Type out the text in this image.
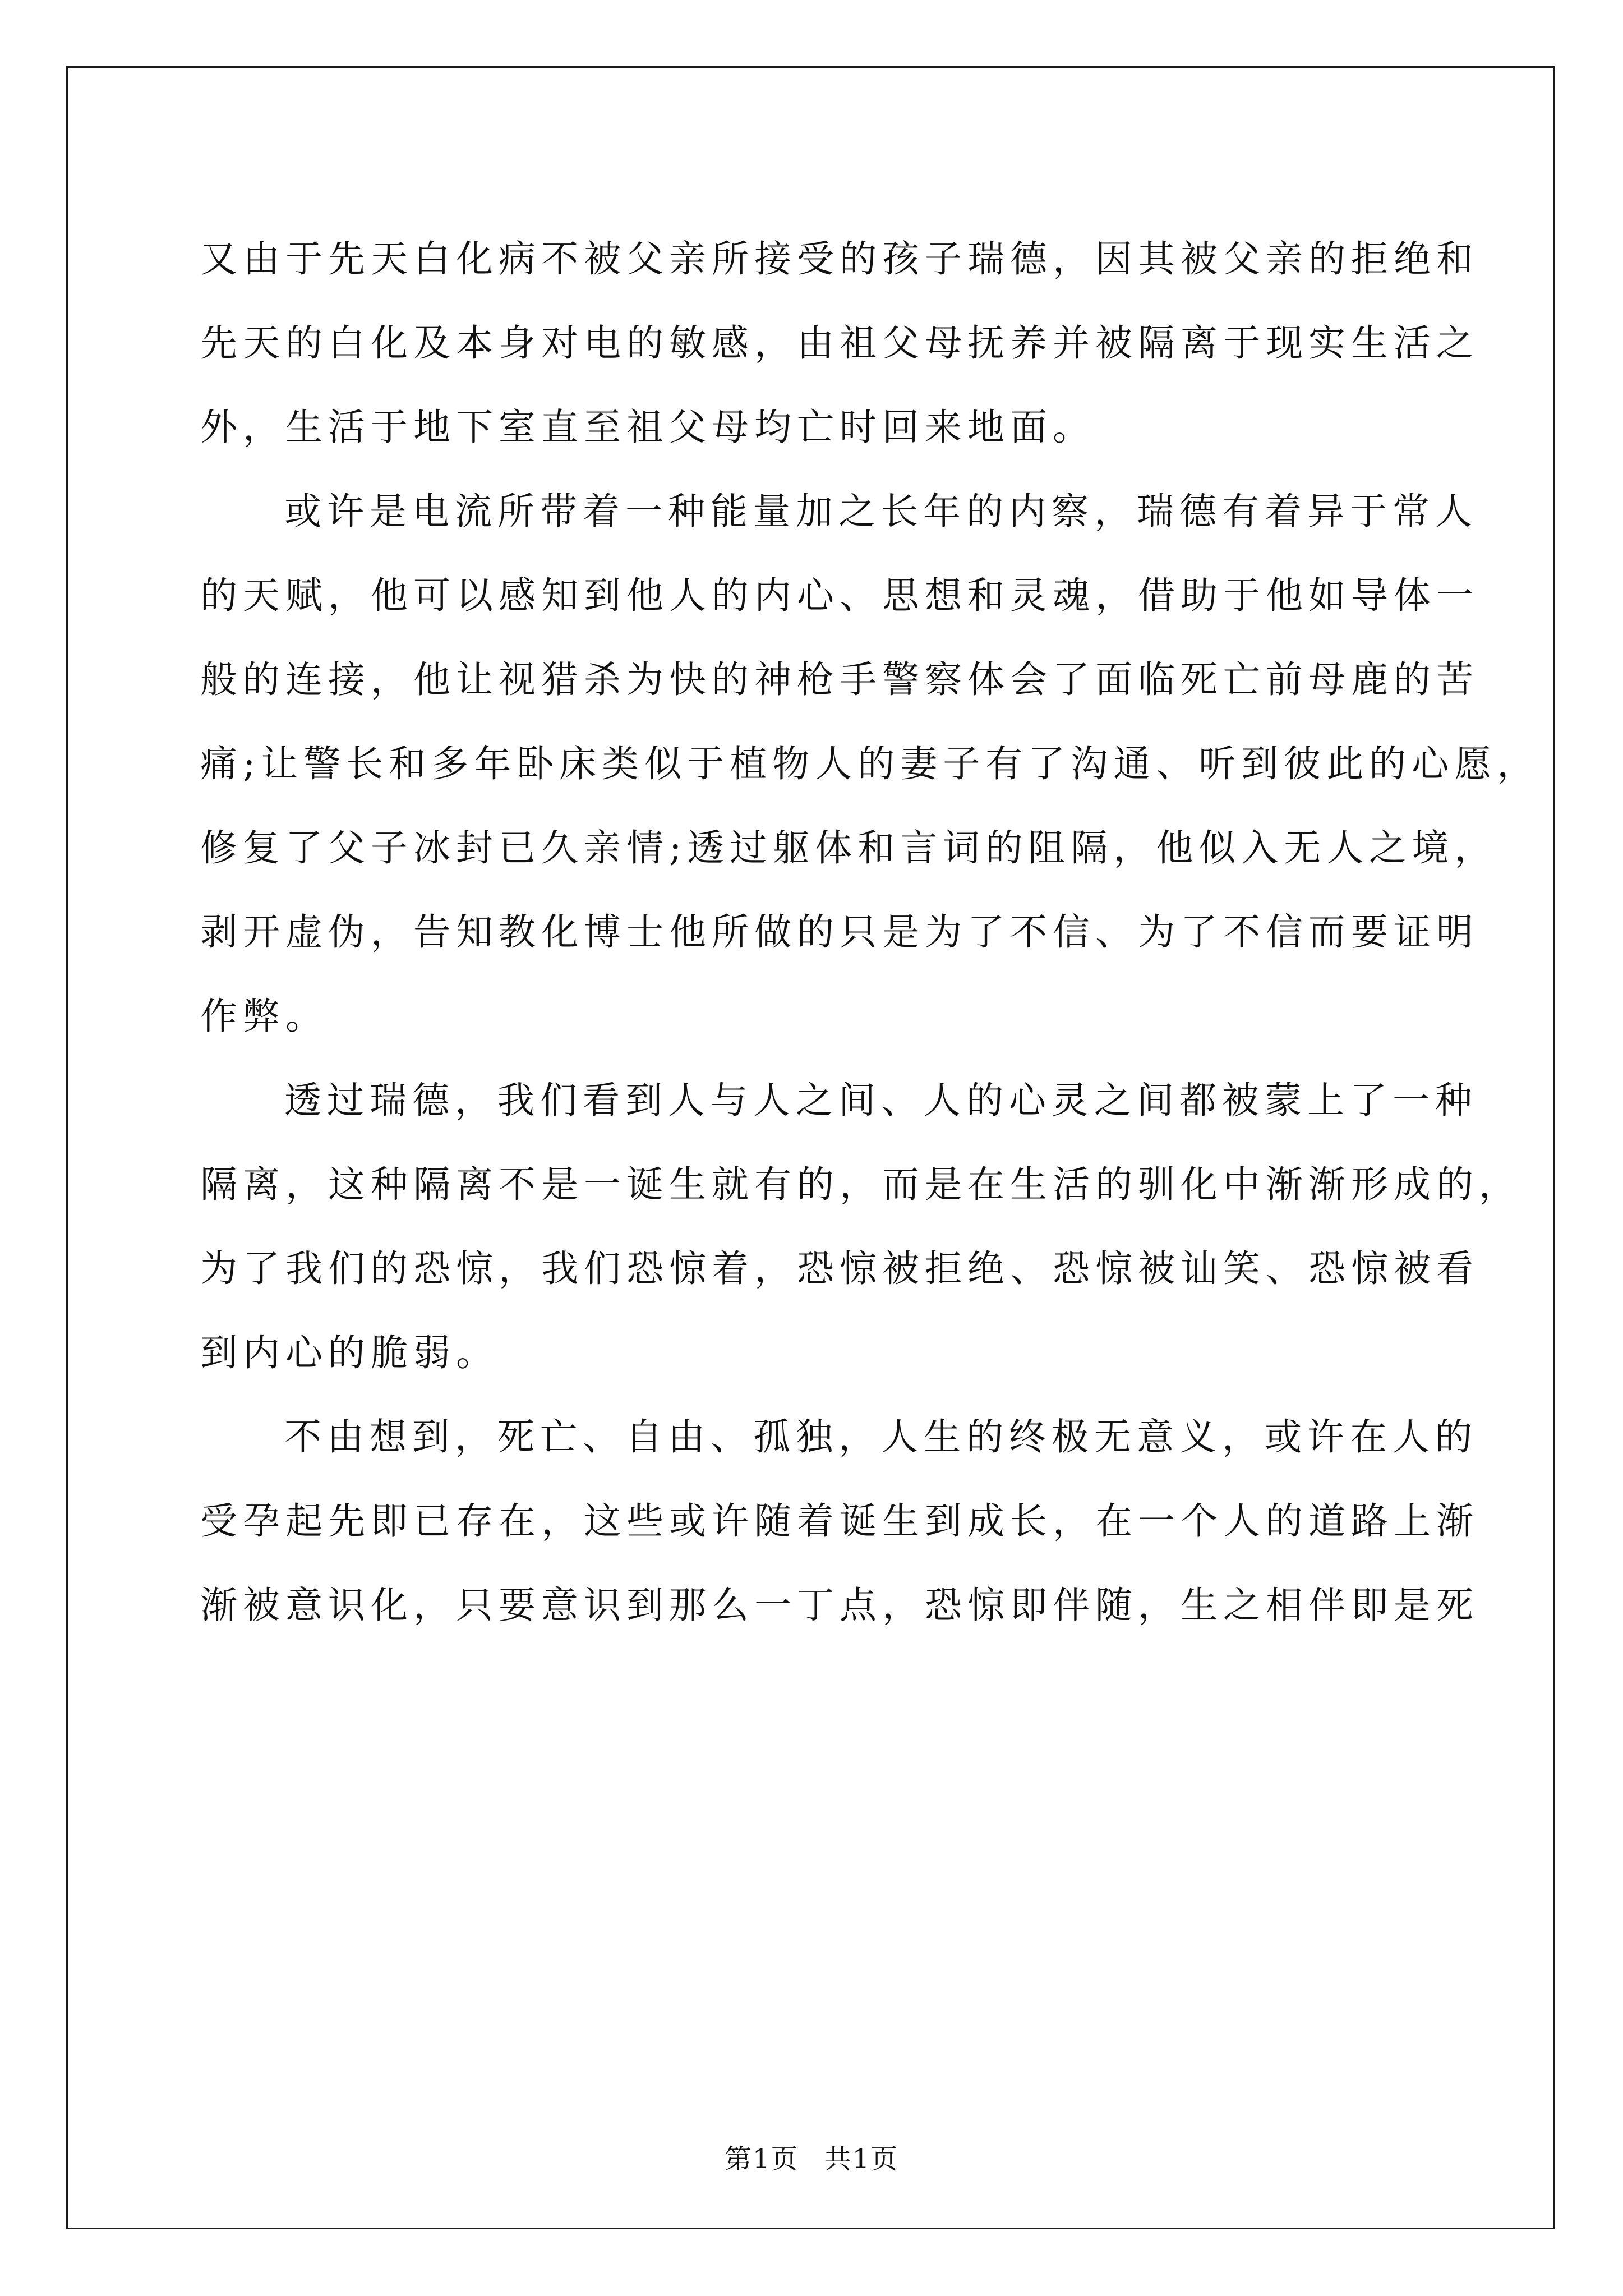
又由于先天白化病不被父亲所接受的孩子瑞德，因其被父亲的拒绝和
先天的白化及本身对电的敏感，由祖父母抚养并被隔离于现实生活之
外，生活于地下室直至祖父母均亡时回来地面。
或许是电流所带着一种能量加之长年的内察，瑞德有着异于常人
的天赋，他可以感知到他人的内心、思想和灵魂，借助于他如导体一
般的连接，他让视猎杀为快的神枪手警察体会了面临死亡前母鹿的苦
痛;让警长和多年卧床类似于植物人的妻子有了沟通、听到彼此的心愿，
修复了父子冰封已久亲情;透过躯体和言词的阻隔，他似入无人之境，
剥开虚伪，告知教化博士他所做的只是为了不信、为了不信而要证明
作弊。
透过瑞德，我们看到人与人之间、人的心灵之间都被蒙上了一种
隔离，这种隔离不是一诞生就有的，而是在生活的驯化中渐渐形成的，
为了我们的恐惊，我们恐惊着，恐惊被拒绝、恐惊被讪笑、恐惊被看
到内心的脆弱。
不由想到，死亡、自由、孤独，人生的终极无意义，或许在人的
受孕起先即已存在，这些或许随着诞生到成长，在一个人的道路上渐
渐被意识化，只要意识到那么一丁点，恐惊即伴随，生之相伴即是死
第1页 共1页
